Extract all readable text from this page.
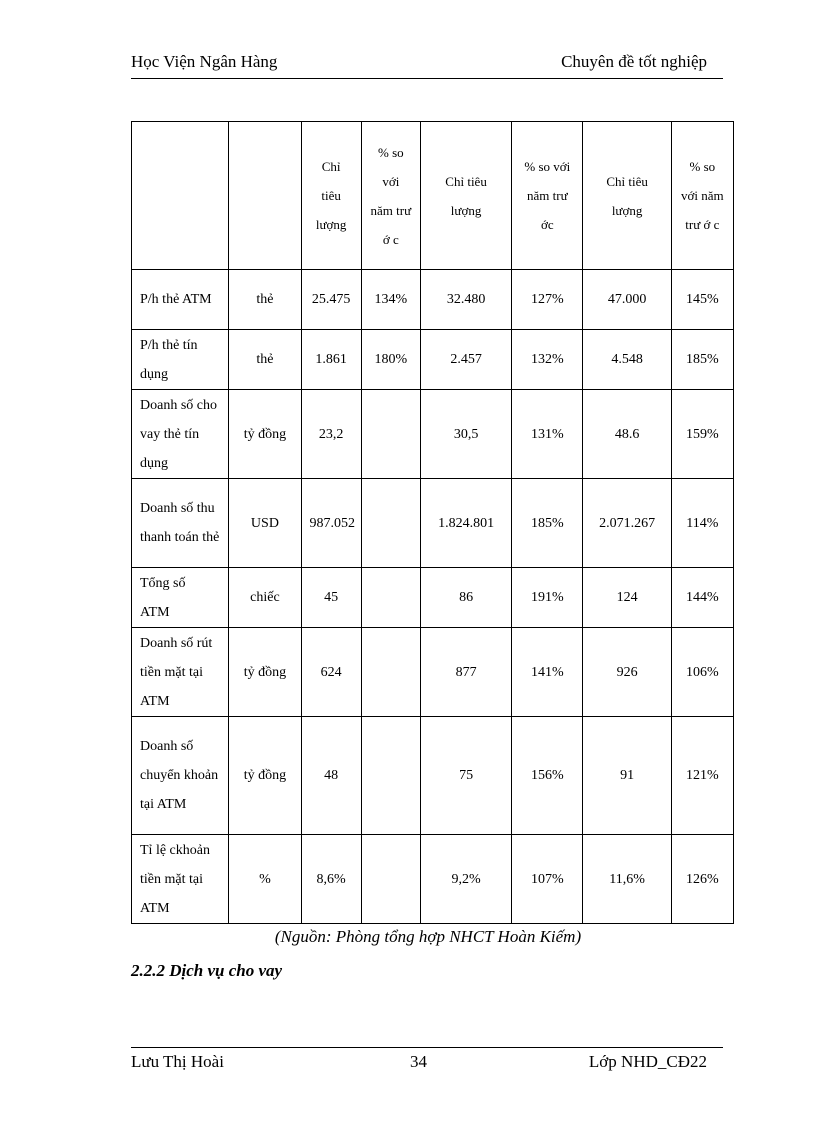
Học Viện Ngân Hàng	Chuyên đề tốt nghiệp
		Chỉ tiêu lượng	% so với năm trư ớ c	Chỉ tiêu lượng	% so với năm trư ớc	Chỉ tiêu lượng	% so với năm trư ớ c
P/h thẻ ATM	thẻ	25.475	134%	32.480	127%	47.000	145%
P/h thẻ tín dụng	thẻ	1.861	180%	2.457	132%	4.548	185%
Doanh số cho vay thẻ tín dụng	tỷ đồng	23,2		30,5	131%	48.6	159%
Doanh số thu thanh toán thẻ	USD	987.052		1.824.801	185%	2.071.267	114%
Tổng số ATM	chiếc	45		86	191%	124	144%
Doanh số rút tiền mặt tại ATM	tỷ đồng	624		877	141%	926	106%
Doanh số chuyển khoản tại ATM	tỷ đồng	48		75	156%	91	121%
Tỉ lệ ckhoản tiền mặt tại ATM	%	8,6%		9,2%	107%	11,6%	126%
(Nguồn: Phòng tổng hợp NHCT Hoàn Kiếm)
2.2.2 Dịch vụ cho vay
Lưu Thị Hoài	34	Lớp NHD_CĐ22
